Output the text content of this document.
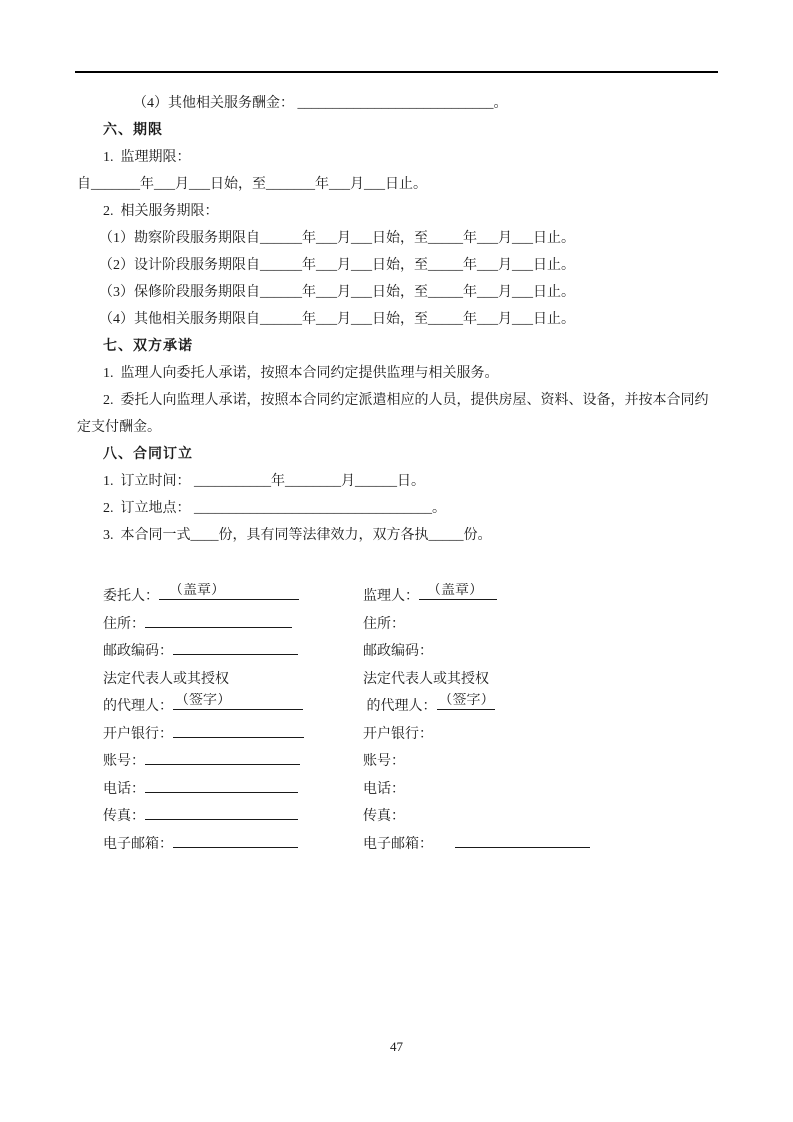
（4）其他相关服务酬金： ____________________________。

六、期限

1.  监理期限：

自_______年___月___日始，至_______年___月___日止。

2.  相关服务期限：

（1）勘察阶段服务期限自______年___月___日始，至_____年___月___日止。

（2）设计阶段服务期限自______年___月___日始，至_____年___月___日止。

（3）保修阶段服务期限自______年___月___日始，至_____年___月___日止。

（4）其他相关服务期限自______年___月___日始，至_____年___月___日止。

七、双方承诺

1.  监理人向委托人承诺，按照本合同约定提供监理与相关服务。

2.  委托人向监理人承诺，按照本合同约定派遣相应的人员，提供房屋、资料、设备，并按本合同约

定支付酬金。

八、合同订立

1.  订立时间： ___________年________月______日。

2.  订立地点： __________________________________。

3.  本合同一式____份，具有同等法律效力，双方各执_____份。

委托人： （盖章）
住所：
邮政编码：
法定代表人或其授权
的代理人： （签字）
开户银行：
账号：
电话：
传真：
电子邮箱：
监理人： （盖章）
住所：
邮政编码：
法定代表人或其授权
的代理人： （签字）
开户银行：
账号：
电话：
传真：
电子邮箱：
47
